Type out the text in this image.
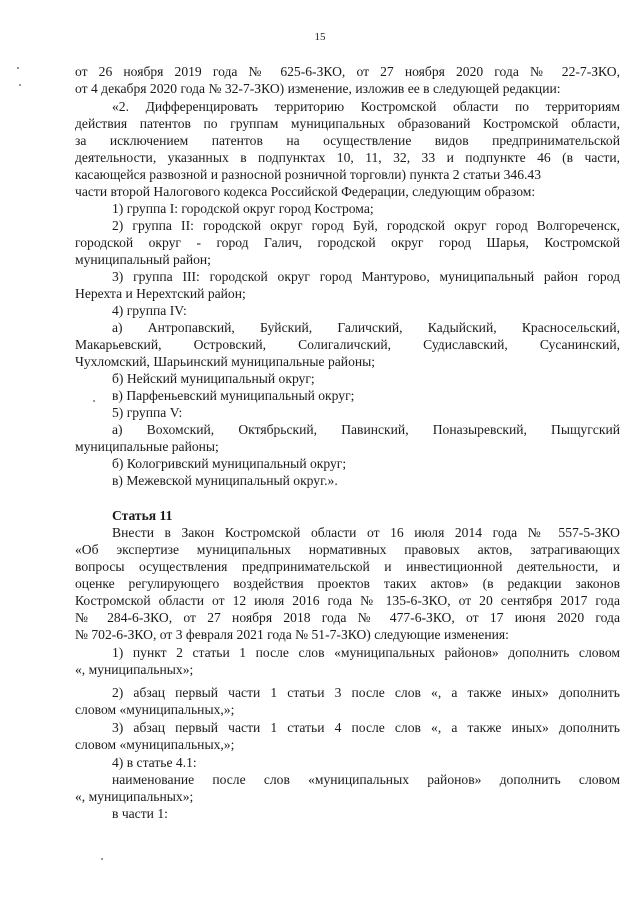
15
от 26 ноября 2019 года № 625-6-ЗКО, от 27 ноября 2020 года № 22-7-ЗКО,
от 4 декабря 2020 года № 32-7-ЗКО) изменение, изложив ее в следующей редакции:
«2. Дифференцировать территорию Костромской области по территориям
действия патентов по группам муниципальных образований Костромской области,
за исключением патентов на осуществление видов предпринимательской
деятельности, указанных в подпунктах 10, 11, 32, 33 и подпункте 46 (в части,
касающейся развозной и разносной розничной торговли) пункта 2 статьи 346.43
части второй Налогового кодекса Российской Федерации, следующим образом:
1) группа I: городской округ город Кострома;
2) группа II: городской округ город Буй, городской округ город Волгореченск,
городской округ - город Галич, городской округ город Шарья, Костромской
муниципальный район;
3) группа III: городской округ город Мантурово, муниципальный район город
Нерехта и Нерехтский район;
4) группа IV:
а) Антропавский, Буйский, Галичский, Кадыйский, Красносельский,
Макарьевский, Островский, Солигаличский, Судиславский, Сусанинский,
Чухломский, Шарьинский муниципальные районы;
б) Нейский муниципальный округ;
в) Парфеньевский муниципальный округ;
5) группа V:
а) Вохомский, Октябрьский, Павинский, Поназыревский, Пыщугский
муниципальные районы;
б) Кологривский муниципальный округ;
в) Межевской муниципальный округ.».
Статья 11
Внести в Закон Костромской области от 16 июля 2014 года № 557-5-ЗКО
«Об экспертизе муниципальных нормативных правовых актов, затрагивающих
вопросы осуществления предпринимательской и инвестиционной деятельности, и
оценке регулирующего воздействия проектов таких актов» (в редакции законов
Костромской области от 12 июля 2016 года № 135-6-ЗКО, от 20 сентября 2017 года
№ 284-6-ЗКО, от 27 ноября 2018 года № 477-6-ЗКО, от 17 июня 2020 года
№ 702-6-ЗКО, от 3 февраля 2021 года № 51-7-ЗКО) следующие изменения:
1) пункт 2 статьи 1 после слов «муниципальных районов» дополнить словом
«, муниципальных»;
2) абзац первый части 1 статьи 3 после слов «, а также иных» дополнить
словом «муниципальных,»;
3) абзац первый части 1 статьи 4 после слов «, а также иных» дополнить
словом «муниципальных,»;
4) в статье 4.1:
наименование после слов «муниципальных районов» дополнить словом
«, муниципальных»;
в части 1:
